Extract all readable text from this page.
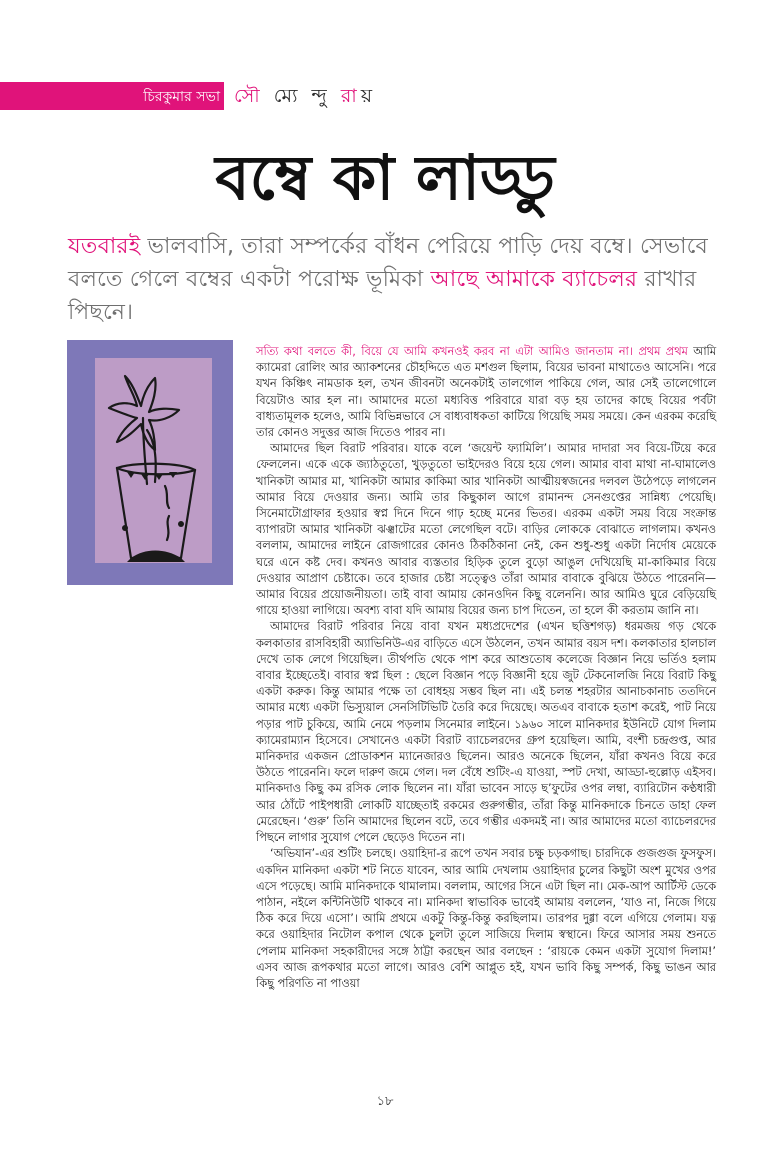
চিরকুমার সভা সৌ ম্যে ন্দু রায়
বম্বে কা লাড্ডু
যতবারই ভালবাসি, তারা সম্পর্কের বাঁধন পেরিয়ে পাড়ি দেয় বম্বে। সেভাবে বলতে গেলে বম্বের একটা পরোক্ষ ভূমিকা আছে আমাকে ব্যাচেলর রাখার পিছনে।

সত্যি কথা বলতে কী, বিয়ে যে আমি কখনওই করব না এটা আমিও জানতাম না। প্রথম প্রথম আমি ক্যামেরা রোলিং আর অ্যাকশনের চৌহদ্দিতে এত মশগুল ছিলাম, বিয়ের ভাবনা মাথাতেও আসেনি। পরে যখন কিঞ্চিৎ নামডাক হল, তখন জীবনটা অনেকটাই তালগোল পাকিয়ে গেল, আর সেই তালেগোলে বিয়েটাও আর হল না। আমাদের মতো মধ্যবিত্ত পরিবারে যারা বড় হয় তাদের কাছে বিয়ের পর্বটা বাধ্যতামূলক হলেও, আমি বিভিন্নভাবে সে বাধ্যবাধকতা কাটিয়ে গিয়েছি সময় সময়ে। কেন এরকম করেছি তার কোনও সদুত্তর আজ দিতেও পারব না।

আমাদের ছিল বিরাট পরিবার। যাকে বলে ‘জয়েন্ট ফ্যামিলি’। আমার দাদারা সব বিয়ে-টিয়ে করে ফেললেন। একে একে জ্যাঠতুতো, খুড়তুতো ভাইদেরও বিয়ে হয়ে গেল। আমার বাবা মাথা না-ঘামালেও খানিকটা আমার মা, খানিকটা আমার কাকিমা আর খানিকটা আত্মীয়স্বজনের দলবল উঠেপড়ে লাগলেন আমার বিয়ে দেওয়ার জন্য। আমি তার কিছুকাল আগে রামানন্দ সেনগুপ্তের সান্নিধ্য পেয়েছি। সিনেমাটোগ্রাফার হওয়ার স্বপ্ন দিনে দিনে গাঢ় হচ্ছে মনের ভিতর। এরকম একটা সময় বিয়ে সংক্রান্ত ব্যাপারটা আমার খানিকটা ঝঞ্ঝাটের মতো লেগেছিল বটে। বাড়ির লোককে বোঝাতে লাগলাম। কখনও বললাম, আমাদের লাইনে রোজগারের কোনও ঠিকঠিকানা নেই, কেন শুধু-শুধু একটা নির্দোষ মেয়েকে ঘরে এনে কষ্ট দেব। কখনও আবার ব্যস্ততার হিড়িক তুলে বুড়ো আঙুল দেখিয়েছি মা-কাকিমার বিয়ে দেওয়ার আপ্রাণ চেষ্টাকে। তবে হাজার চেষ্টা সত্ত্বেও তাঁরা আমার বাবাকে বুঝিয়ে উঠতে পারেননি—আমার বিয়ের প্রয়োজনীয়তা। তাই বাবা আমায় কোনওদিন কিছু বলেননি। আর আমিও ঘুরে বেড়িয়েছি গায়ে হাওয়া লাগিয়ে। অবশ্য বাবা যদি আমায় বিয়ের জন্য চাপ দিতেন, তা হলে কী করতাম জানি না।

আমাদের বিরাট পরিবার নিয়ে বাবা যখন মধ্যপ্রদেশের (এখন ছত্তিশগড়) ধরমজয় গড় থেকে কলকাতার রাসবিহারী অ্যাভিনিউ-এর বাড়িতে এসে উঠলেন, তখন আমার বয়স দশ। কলকাতার হালচাল দেখে তাক লেগে গিয়েছিল। তীর্থপতি থেকে পাশ করে আশুতোষ কলেজে বিজ্ঞান নিয়ে ভর্তিও হলাম বাবার ইচ্ছেতেই। বাবার স্বপ্ন ছিল : ছেলে বিজ্ঞান পড়ে বিজ্ঞানী হয়ে জুট টেকনোলজি নিয়ে বিরাট কিছু একটা করুক। কিন্তু আমার পক্ষে তা বোধহয় সম্ভব ছিল না। এই চলন্ত শহরটার আনাচকানাচ ততদিনে আমার মধ্যে একটা ভিস্যুয়াল সেনসিটিভিটি তৈরি করে দিয়েছে। অতএব বাবাকে হতাশ করেই, পাট নিয়ে পড়ার পাট চুকিয়ে, আমি নেমে পড়লাম সিনেমার লাইনে। ১৯৬০ সালে মানিকদার ইউনিটে যোগ দিলাম ক্যামেরাম্যান হিসেবে। সেখানেও একটা বিরাট ব্যাচেলরদের গ্রুপ হয়েছিল। আমি, বংশী চন্দ্রগুপ্ত, আর মানিকদার একজন প্রোডাকশন ম্যানেজারও ছিলেন। আরও অনেকে ছিলেন, যাঁরা কখনও বিয়ে করে উঠতে পারেননি। ফলে দারুণ জমে গেল। দল বেঁধে শুটিং-এ যাওয়া, স্পট দেখা, আড্ডা-হুল্লোড় এইসব। মানিকদাও কিছু কম রসিক লোক ছিলেন না। যাঁরা ভাবেন সাড়ে ছ’ফুটের ওপর লম্বা, ব্যারিটোন কণ্ঠধারী আর ঠোঁটে পাইপধারী লোকটি যাচ্ছেতাই রকমের গুরুগম্ভীর, তাঁরা কিন্তু মানিকদাকে চিনতে ডাহা ফেল মেরেছেন। ‘গুরু’ তিনি আমাদের ছিলেন বটে, তবে গম্ভীর একদমই না। আর আমাদের মতো ব্যাচেলরদের পিছনে লাগার সুযোগ পেলে ছেড়েও দিতেন না।

‘অভিযান’-এর শুটিং চলছে। ওয়াহিদা-র রূপে তখন সবার চক্ষু চড়কগাছ। চারদিকে গুজগুজ ফুসফুস। একদিন মানিকদা একটা শট নিতে যাবেন, আর আমি দেখলাম ওয়াহিদার চুলের কিছুটা অংশ মুখের ওপর এসে পড়েছে। আমি মানিকদাকে থামালাম। বললাম, আগের সিনে এটা ছিল না। মেক-আপ আর্টিস্ট ডেকে পাঠান, নইলে কন্টিনিউটি থাকবে না। মানিকদা স্বাভাবিক ভাবেই আমায় বললেন, ‘যাও না, নিজে গিয়ে ঠিক করে দিয়ে এসো’। আমি প্রথমে একটু কিন্তু-কিন্তু করছিলাম। তারপর দুগ্গা বলে এগিয়ে গেলাম। যত্ন করে ওয়াহিদার নিটোল কপাল থেকে চুলটা তুলে সাজিয়ে দিলাম স্বস্থানে। ফিরে আসার সময় শুনতে পেলাম মানিকদা সহকারীদের সঙ্গে ঠাট্টা করছেন আর বলছেন : ‘রায়কে কেমন একটা সুযোগ দিলাম!’ এসব আজ রূপকথার মতো লাগে। আরও বেশি আপ্লুত হই, যখন ভাবি কিছু সম্পর্ক, কিছু ভাঙন আর কিছু পরিণতি না পাওয়া

১৮
